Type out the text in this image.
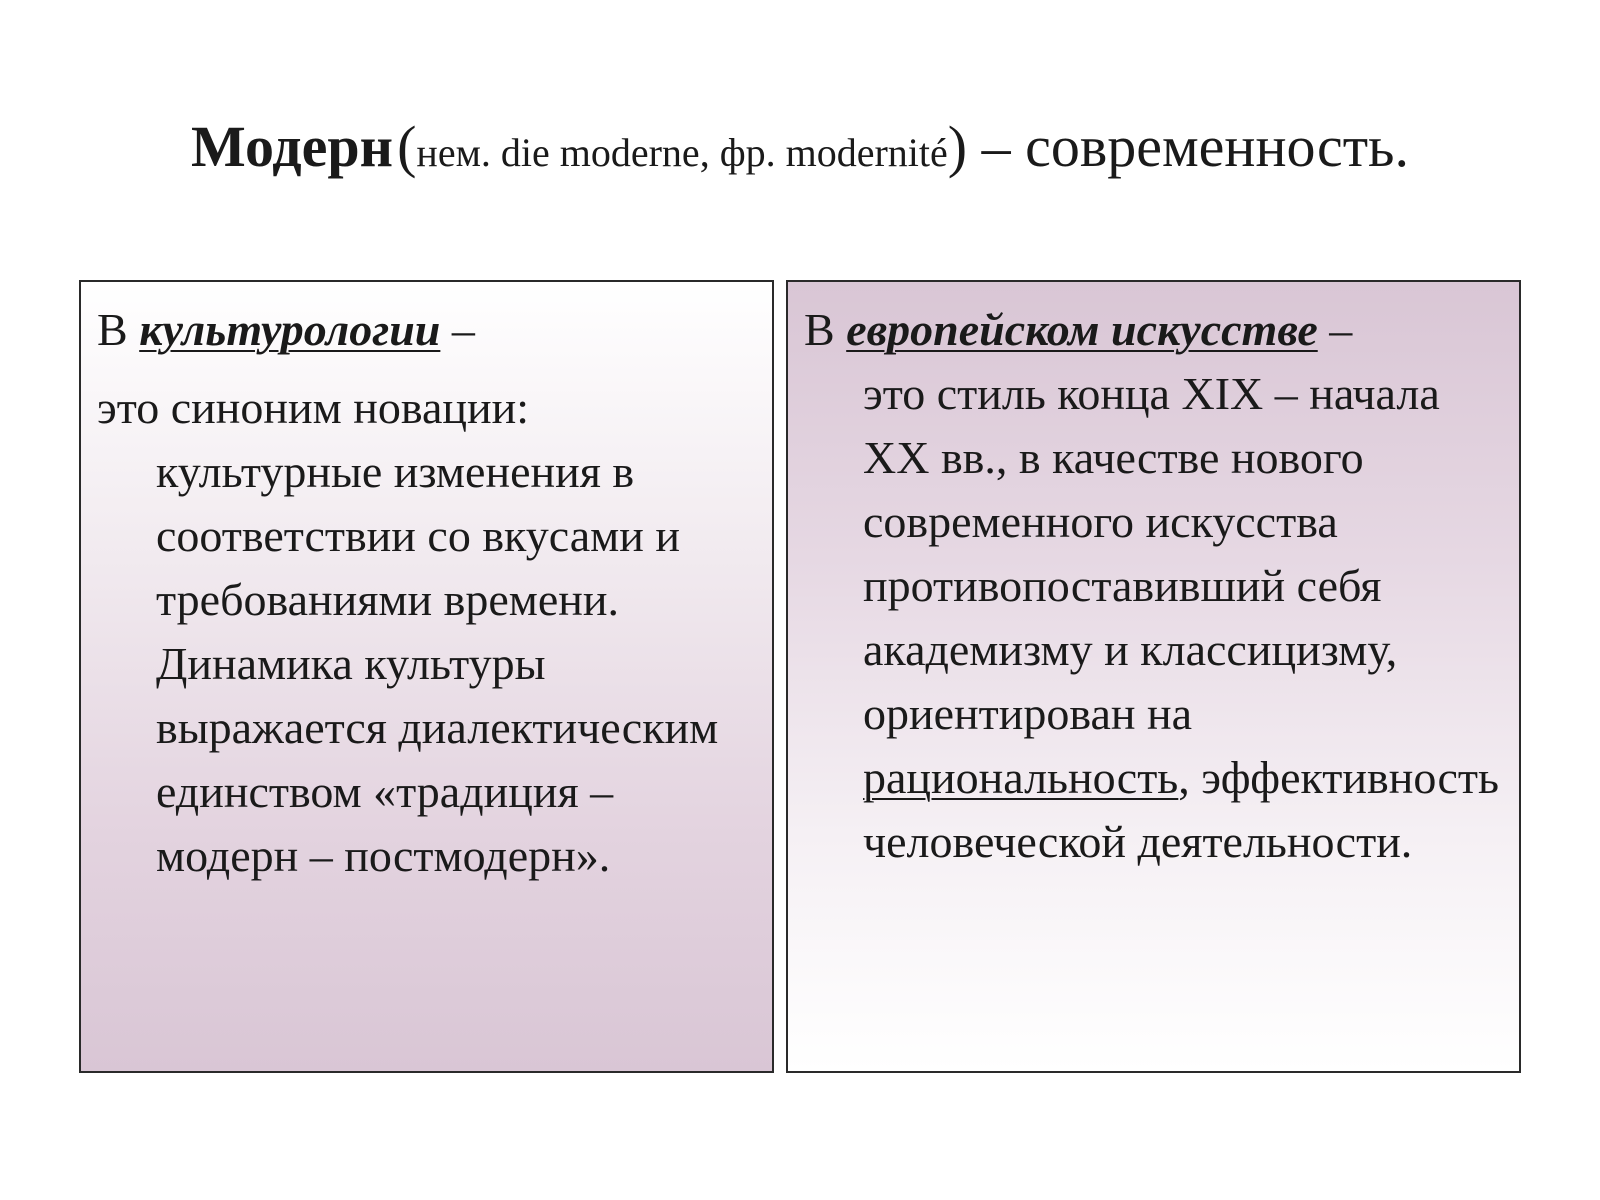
Модерн (нем. die moderne, фр. modernité) – современность.
В культурологии –
это синоним новации:
культурные изменения в соответствии со вкусами и требованиями времени. Динамика культуры выражается диалектическим единством «традиция – модерн – постмодерн».
В европейском искусстве –
это стиль конца XIX – начала XX вв., в качестве нового современного искусства противопоставивший себя академизму и классицизму, ориентирован на рациональность, эффективность человеческой деятельности.
